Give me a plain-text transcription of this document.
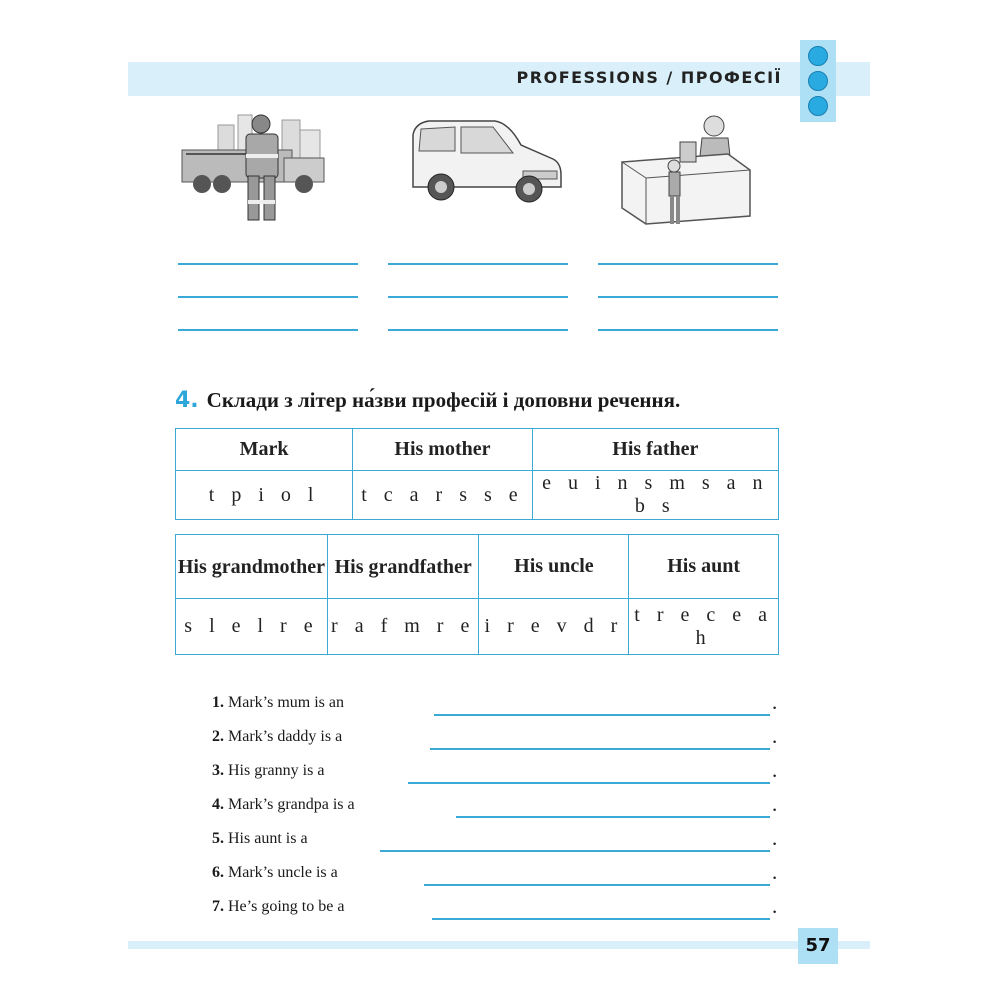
PROFESSIONS / ПРОФЕСІЇ
4. Склади з літер на́зви професій і доповни речення.
Mark	His mother	His father
t p i o l	t c a r s s e	e u i n s m s a n b s
His grandmother	His grandfather	His uncle	His aunt
s l e l r e	r a f m r e	i r e v d r	t r e c e a h
1. Mark’s mum is an	.
2. Mark’s daddy is a	.
3. His granny is a	.
4. Mark’s grandpa is a	.
5. His aunt is a	.
6. Mark’s uncle is a	.
7. He’s going to be a	.
57
